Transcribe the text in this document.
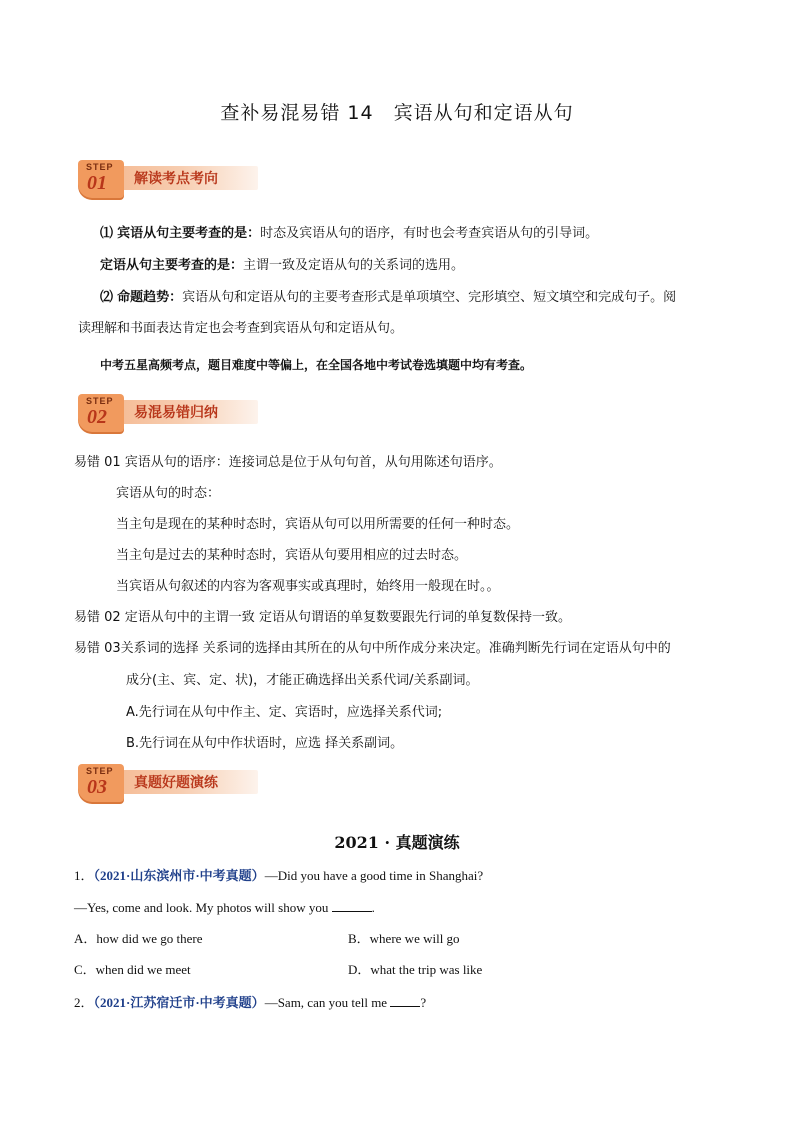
查补易混易错 14　宾语从句和定语从句
STEP
01 解读考点考向
⑴ 宾语从句主要考查的是：时态及宾语从句的语序，有时也会考查宾语从句的引导词。
定语从句主要考查的是：主谓一致及定语从句的关系词的选用。
⑵ 命题趋势：宾语从句和定语从句的主要考查形式是单项填空、完形填空、短文填空和完成句子。阅
读理解和书面表达肯定也会考查到宾语从句和定语从句。
中考五星高频考点，题目难度中等偏上，在全国各地中考试卷选填题中均有考查。
STEP
02 易混易错归纳
易错 01 宾语从句的语序：连接词总是位于从句句首，从句用陈述句语序。
宾语从句的时态：
当主句是现在的某种时态时，宾语从句可以用所需要的任何一种时态。
当主句是过去的某种时态时，宾语从句要用相应的过去时态。
当宾语从句叙述的内容为客观事实或真理时，始终用一般现在时。。
易错 02 定语从句中的主谓一致 定语从句谓语的单复数要跟先行词的单复数保持一致。
易错 03关系词的选择 关系词的选择由其所在的从句中所作成分来决定。准确判断先行词在定语从句中的
成分(主、宾、定、状)，才能正确选择出关系代词/关系副词。
A.先行词在从句中作主、定、宾语时，应选择关系代词;
B.先行词在从句中作状语时，应选 择关系副词。
STEP
03 真题好题演练
2021 · 真题演练
1．（2021·山东滨州市·中考真题）—Did you have a good time in Shanghai?
—Yes, come and look. My photos will show you	.
A．how did we go there	B．where we will go
C．when did we meet	D．what the trip was like
2．（2021·江苏宿迁市·中考真题）—Sam, can you tell me	?
